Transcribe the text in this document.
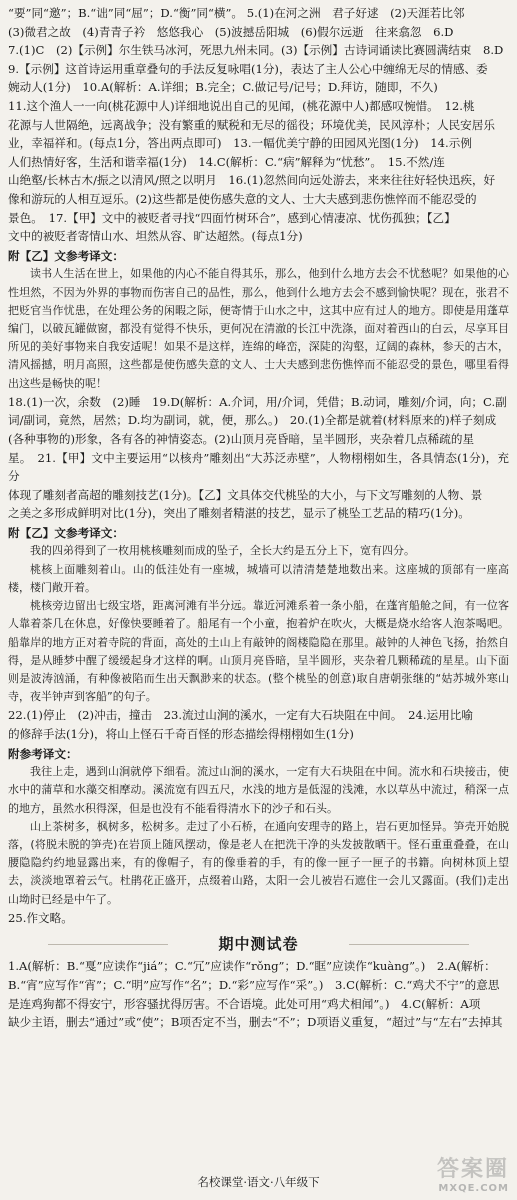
“要”同“邀”；B.“诎”同“屈”；D.“衡”同“横”。 5.(1)在河之洲　君子好逑　(2)天涯若比邻

(3)微君之故　(4)青青子衿　悠悠我心　(5)波撼岳阳城　(6)假尔远逝　往来翕忽　6.D

7.(1)C　(2)【示例】尔生铁马冰河，死思九州未同。(3)【示例】古诗词诵读比赛圆满结束　8.D

9.【示例】这首诗运用重章叠句的手法反复咏唱(1分)，表达了主人公心中缠绵无尽的情感、委

婉动人(1分)　10.A(解析：A.详细；B.完全；C.做记号/记号；D.拜访，随即，不久)

11.这个渔人一一向(桃花源中人)详细地说出自己的见闻，(桃花源中人)都感叹惋惜。　12.桃

花源与人世隔绝，远离战争；没有繁重的赋税和无尽的徭役；环境优美，民风淳朴；人民安居乐

业，幸福祥和。(每点1分，答出两点即可)　13.一幅优美宁静的田园风光图(1分)　14.示例

人们热情好客，生活和谐幸福(1分)　14.C(解析：C.“病”解释为“忧愁”。　15.不然/连

山绝壑/长林古木/振之以清风/照之以明月　16.(1)忽然间向远处游去，来来往往好轻快迅疾，好

像和游玩的人相互逗乐。(2)这些都是使伤感失意的文人、士大夫感到悲伤憔悴而不能忍受的

景色。　17.【甲】文中的被贬者寻找“四面竹树环合”，感到心情凄凉、忧伤孤独；【乙】

文中的被贬者寄情山水、坦然从容、旷达超然。(每点1分)

附【乙】文参考译文：

读书人生活在世上，如果他的内心不能自得其乐，那么，他到什么地方去会不忧愁呢？如果他的心性坦然，不因为外界的事物而伤害自己的品性，那么，他到什么地方去会不感到愉快呢？现在，张君不把贬官当作忧患，在处理公务的闲暇之际，便寄情于山水之中，这其中应有过人的地方。即使是用蓬草编门，以破瓦罐做窗，都没有觉得不快乐，更何况在清澈的长江中洗涤，面对着西山的白云，尽享耳目所见的美好事物来自我安适呢！如果不是这样，连绵的峰峦，深陡的沟壑，辽阔的森林，参天的古木，清风摇撼，明月高照，这些都是使伤感失意的文人、士大夫感到悲伤憔悴而不能忍受的景色，哪里看得出这些是畅快的呢！

18.(1)一次，余数　(2)睡　19.D(解析：A.介词，用/介词，凭借；B.动词，雕刻/介词，向；C.副

词/副词，竟然，居然；D.均为副词，就，便，那么。)　20.(1)全都是就着(材料原来的)样子刻成

(各种事物的)形象，各有各的神情姿态。(2)山顶月亮昏暗，呈半圆形，夹杂着几点稀疏的星

星。　21.【甲】文中主要运用“以核舟”雕刻出“大苏泛赤壁”，人物栩栩如生，各具情态(1分)，充分

体现了雕刻者高超的雕刻技艺(1分)。【乙】文具体交代桃坠的大小，与下文写雕刻的人物、景

之美之多形成鲜明对比(1分)，突出了雕刻者精湛的技艺，显示了桃坠工艺品的精巧(1分)。

附【乙】文参考译文：

我的四弟得到了一枚用桃核雕刻而成的坠子，全长大约是五分上下，宽有四分。

桃核上面雕刻着山。山的低洼处有一座城，城墙可以清清楚楚地数出来。这座城的顶部有一座高楼，楼门敞开着。

桃核旁边留出七级宝塔，距离河滩有半分远。靠近河滩系着一条小船，在蓬宵船舱之间，有一位客人靠着茶几在休息，好像快要睡着了。船尾有一个小童，抱着炉在吹火，大概是烧水给客人泡茶喝吧。船靠岸的地方正对着寺院的背面，高处的土山上有敲钟的阁楼隐隐在那里。敲钟的人神色飞扬，抬然自得，是从睡梦中醒了缓缓起身才这样的啊。山顶月亮昏暗，呈半圆形，夹杂着几颗稀疏的星星。山下面则是波涛汹涌，有种像被陷而生出天飘渺来的状态。(整个桃坠的创意)取自唐朝张继的“姑苏城外寒山寺，夜半钟声到客船”的句子。

22.(1)停止　(2)冲击，撞击　23.流过山涧的溪水，一定有大石块阻在中间。　24.运用比喻

的修辞手法(1分)，将山上怪石千奇百怪的形态描绘得栩栩如生(1分)

附参考译文：

我往上走，遇到山涧就停下细看。流过山涧的溪水，一定有大石块阻在中间。流水和石块接击，使水中的蒲草和水藻交相摩动。溪流宽有四五尺，水浅的地方是低湿的浅滩，水以草丛中流过，稍深一点的地方，虽然水积得深，但是也没有不能看得清水下的沙子和石头。

山上茶树多，枫树多，松树多。走过了小石桥，在通向安理寺的路上，岩石更加怪异。笋壳开始脱落，(将脱未脱的笋壳)在岩顶上随风摆动，像是老人在把洗干净的头发披散晒干。怪石重重叠叠，在山腰隐隐约约地显露出来，有的像帽子，有的像垂着的手，有的像一匣子一匣子的书籍。向树林顶上望去，淡淡地罩着云气。杜鹃花正盛开，点缀着山路，太阳一会儿被岩石遮住一会儿又露面。(我们)走出山坳时已经是中午了。

25.作文略。

期中测试卷

1.A(解析：B.“戛”应读作“jiá”；C.“冗”应读作“rǒng”；D.“眶”应读作“kuàng”。)　2.A(解析：

B.“宵”应写作“宵”；C.“明”应写作“名”；D.“彩”应写作“采”。)　3.C(解析：C.“鸡犬不宁”的意思

是连鸡狗都不得安宁，形容骚扰得厉害。不合语境。此处可用“鸡犬相闻”。)　4.C(解析：A项

缺少主语，删去“通过”或“使”；B项否定不当，删去“不”；D项语义重复，“超过”与“左右”去掉其

名校课堂·语文·八年级下	答案圈
MXQE.COM
